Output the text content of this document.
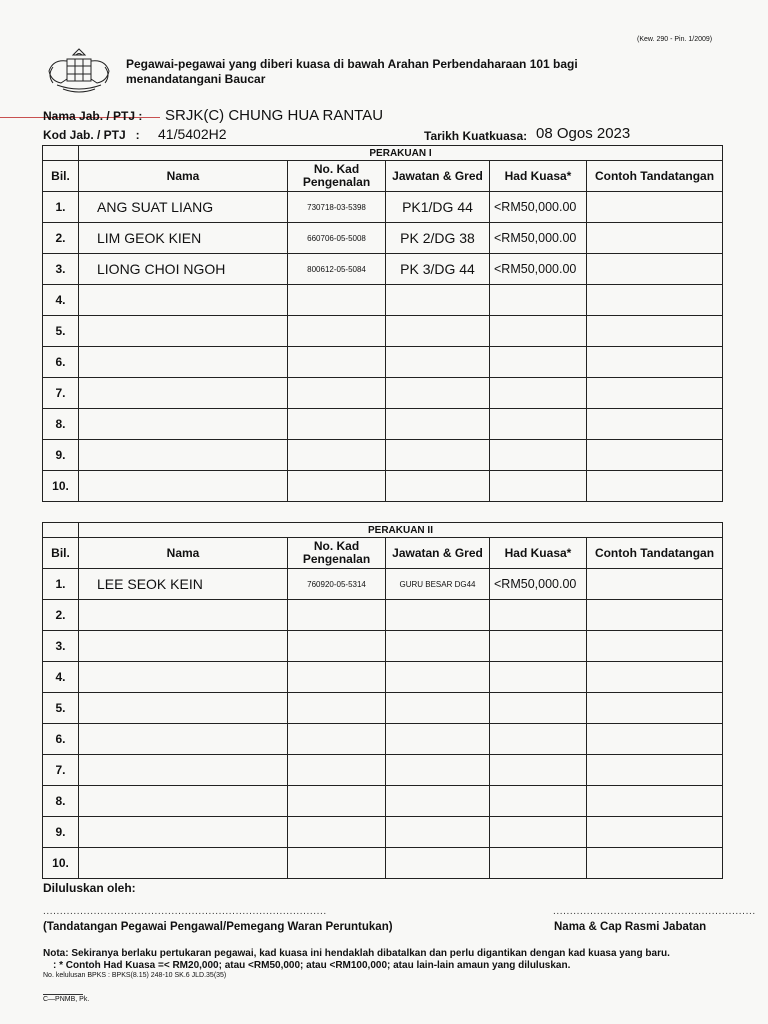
(Kew. 290 - Pin. 1/2009)
Pegawai-pegawai yang diberi kuasa di bawah Arahan Perbendaharaan 101 bagi menandatangani Baucar
Nama Jab. / PTJ : SRJK(C) CHUNG HUA RANTAU
Kod Jab. / PTJ   : 41/5402H2	Tarikh Kuatkuasa: 08 Ogos 2023
	PERAKUAN I				
Bil.	Nama	No. Kad Pengenalan	Jawatan & Gred	Had Kuasa*	Contoh Tandatangan
1.	ANG SUAT LIANG	730718-03-5398	PK1/DG 44	<RM50,000.00	
2.	LIM GEOK KIEN	660706-05-5008	PK 2/DG 38	<RM50,000.00	
3.	LIONG CHOI NGOH	800612-05-5084	PK 3/DG 44	<RM50,000.00	
4.					
5.					
6.					
7.					
8.					
9.					
10.					
	PERAKUAN II				
Bil.	Nama	No. Kad Pengenalan	Jawatan & Gred	Had Kuasa*	Contoh Tandatangan
1.	LEE SEOK KEIN	760920-05-5314	GURU BESAR DG44	<RM50,000.00	
2.					
3.					
4.					
5.					
6.					
7.					
8.					
9.					
10.					
Diluluskan oleh:
....................................................................................	............................................................
(Tandatangan Pegawai Pengawal/Pemegang Waran Peruntukan)	Nama & Cap Rasmi Jabatan
Nota: Sekiranya berlaku pertukaran pegawai, kad kuasa ini hendaklah dibatalkan dan perlu digantikan dengan kad kuasa yang baru.
: * Contoh Had Kuasa =< RM20,000; atau <RM50,000; atau <RM100,000; atau lain-lain amaun yang diluluskan.
No. kelulusan BPKS : BPKS(8.15) 248-10 SK.6 JLD.35(35)
C—PNMB, Pk.
